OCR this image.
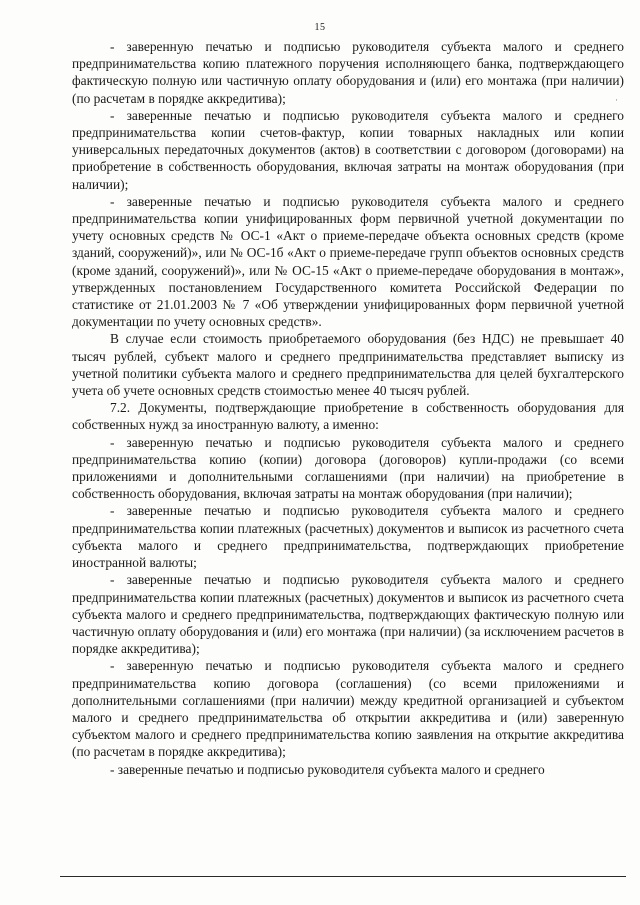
15
·

- заверенную печатью и подписью руководителя субъекта малого и среднего предпринимательства копию платежного поручения исполняющего банка, подтверждающего фактическую полную или частичную оплату оборудования и (или) его монтажа (при наличии) (по расчетам в порядке аккредитива);

- заверенные печатью и подписью руководителя субъекта малого и среднего предпринимательства копии счетов-фактур, копии товарных накладных или копии универсальных передаточных документов (актов) в соответствии с договором (договорами) на приобретение в собственность оборудования, включая затраты на монтаж оборудования (при наличии);

- заверенные печатью и подписью руководителя субъекта малого и среднего предпринимательства копии унифицированных форм первичной учетной документации по учету основных средств № ОС-1 «Акт о приеме-передаче объекта основных средств (кроме зданий, сооружений)», или № ОС-1б «Акт о приеме-передаче групп объектов основных средств (кроме зданий, сооружений)», или № ОС-15 «Акт о приеме-передаче оборудования в монтаж», утвержденных постановлением Государственного комитета Российской Федерации по статистике от 21.01.2003 № 7 «Об утверждении унифицированных форм первичной учетной документации по учету основных средств».

В случае если стоимость приобретаемого оборудования (без НДС) не превышает 40 тысяч рублей, субъект малого и среднего предпринимательства представляет выписку из учетной политики субъекта малого и среднего предпринимательства для целей бухгалтерского учета об учете основных средств стоимостью менее 40 тысяч рублей.

7.2. Документы, подтверждающие приобретение в собственность оборудования для собственных нужд за иностранную валюту, а именно:

- заверенную печатью и подписью руководителя субъекта малого и среднего предпринимательства копию (копии) договора (договоров) купли-продажи (со всеми приложениями и дополнительными соглашениями (при наличии) на приобретение в собственность оборудования, включая затраты на монтаж оборудования (при наличии);

- заверенные печатью и подписью руководителя субъекта малого и среднего предпринимательства копии платежных (расчетных) документов и выписок из расчетного счета субъекта малого и среднего предпринимательства, подтверждающих приобретение иностранной валюты;

- заверенные печатью и подписью руководителя субъекта малого и среднего предпринимательства копии платежных (расчетных) документов и выписок из расчетного счета субъекта малого и среднего предпринимательства, подтверждающих фактическую полную или частичную оплату оборудования и (или) его монтажа (при наличии) (за исключением расчетов в порядке аккредитива);

- заверенную печатью и подписью руководителя субъекта малого и среднего предпринимательства копию договора (соглашения) (со всеми приложениями и дополнительными соглашениями (при наличии) между кредитной организацией и субъектом малого и среднего предпринимательства об открытии аккредитива и (или) заверенную субъектом малого и среднего предпринимательства копию заявления на открытие аккредитива (по расчетам в порядке аккредитива);

- заверенные печатью и подписью руководителя субъекта малого и среднего
